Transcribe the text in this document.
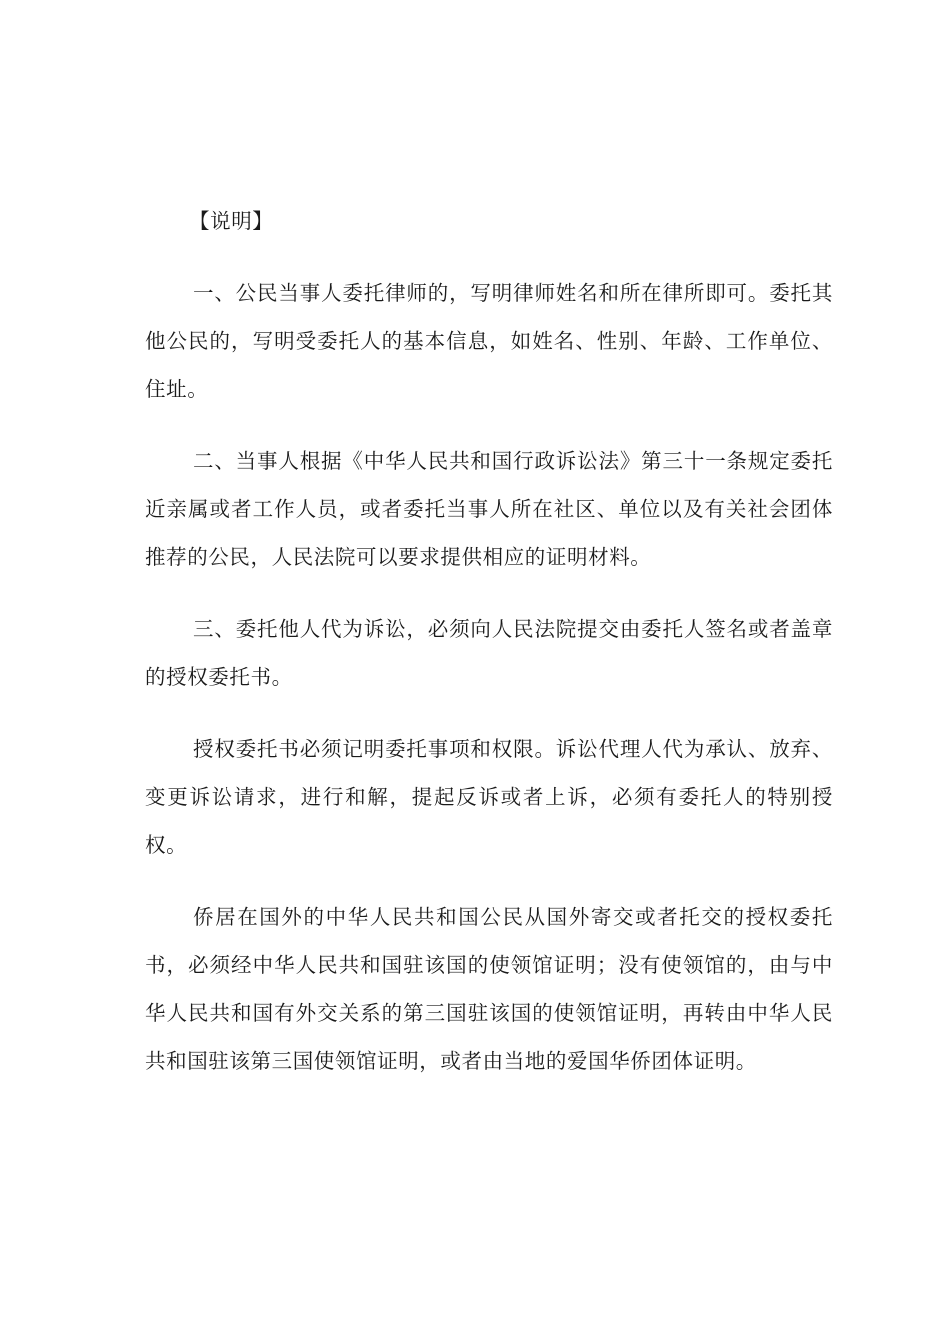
【说明】

一、公民当事人委托律师的，写明律师姓名和所在律所即可。委托其他公民的，写明受委托人的基本信息，如姓名、性别、年龄、工作单位、住址。

二、当事人根据《中华人民共和国行政诉讼法》第三十一条规定委托近亲属或者工作人员，或者委托当事人所在社区、单位以及有关社会团体推荐的公民，人民法院可以要求提供相应的证明材料。

三、委托他人代为诉讼，必须向人民法院提交由委托人签名或者盖章的授权委托书。

授权委托书必须记明委托事项和权限。诉讼代理人代为承认、放弃、变更诉讼请求，进行和解，提起反诉或者上诉，必须有委托人的特别授权。

侨居在国外的中华人民共和国公民从国外寄交或者托交的授权委托书，必须经中华人民共和国驻该国的使领馆证明；没有使领馆的，由与中华人民共和国有外交关系的第三国驻该国的使领馆证明，再转由中华人民共和国驻该第三国使领馆证明，或者由当地的爱国华侨团体证明。
